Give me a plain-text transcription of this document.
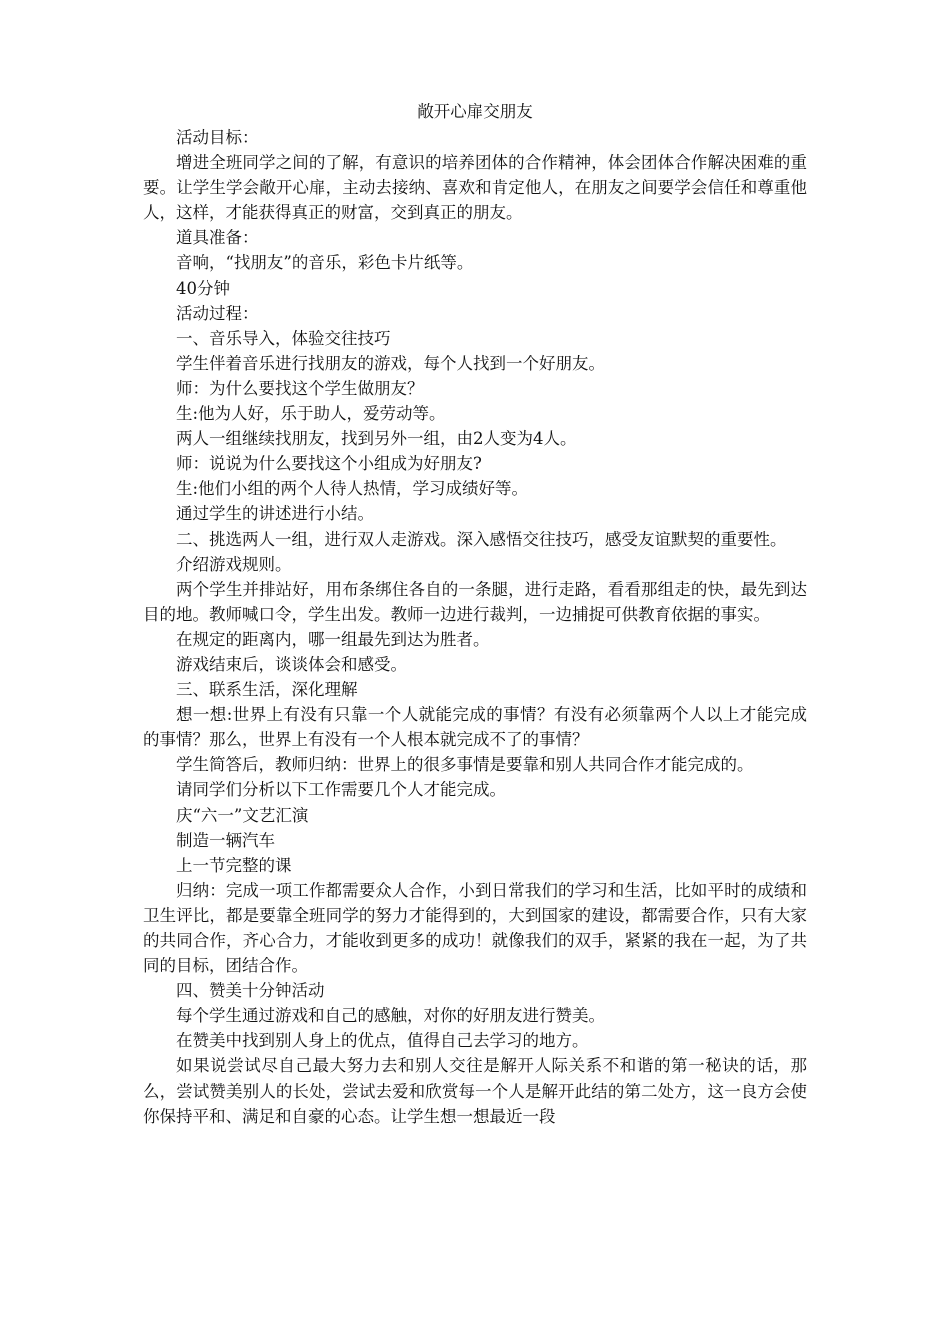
敞开心扉交朋友

活动目标：

增进全班同学之间的了解，有意识的培养团体的合作精神，体会团体合作解决困难的重要。让学生学会敞开心扉，主动去接纳、喜欢和肯定他人，在朋友之间要学会信任和尊重他人，这样，才能获得真正的财富，交到真正的朋友。

道具准备：

音响，“找朋友”的音乐，彩色卡片纸等。

40分钟

活动过程：

一、音乐导入，体验交往技巧

学生伴着音乐进行找朋友的游戏，每个人找到一个好朋友。

师：为什么要找这个学生做朋友？

生:他为人好，乐于助人，爱劳动等。

两人一组继续找朋友，找到另外一组，由2人变为4人。

师：说说为什么要找这个小组成为好朋友?

生:他们小组的两个人待人热情，学习成绩好等。

通过学生的讲述进行小结。

二、挑选两人一组，进行双人走游戏。深入感悟交往技巧，感受友谊默契的重要性。

介绍游戏规则。

两个学生并排站好，用布条绑住各自的一条腿，进行走路，看看那组走的快，最先到达目的地。教师喊口令，学生出发。教师一边进行裁判，一边捕捉可供教育依据的事实。

在规定的距离内，哪一组最先到达为胜者。

游戏结束后，谈谈体会和感受。

三、联系生活，深化理解

想一想:世界上有没有只靠一个人就能完成的事情？有没有必须靠两个人以上才能完成的事情？那么，世界上有没有一个人根本就完成不了的事情？

学生简答后，教师归纳：世界上的很多事情是要靠和别人共同合作才能完成的。

请同学们分析以下工作需要几个人才能完成。

庆“六一”文艺汇演

制造一辆汽车

上一节完整的课

归纳：完成一项工作都需要众人合作，小到日常我们的学习和生活，比如平时的成绩和卫生评比，都是要靠全班同学的努力才能得到的，大到国家的建设，都需要合作，只有大家的共同合作，齐心合力，才能收到更多的成功！就像我们的双手，紧紧的我在一起，为了共同的目标，团结合作。

四、赞美十分钟活动

每个学生通过游戏和自己的感触，对你的好朋友进行赞美。

在赞美中找到别人身上的优点，值得自己去学习的地方。

如果说尝试尽自己最大努力去和别人交往是解开人际关系不和谐的第一秘诀的话，那么，尝试赞美别人的长处，尝试去爱和欣赏每一个人是解开此结的第二处方，这一良方会使你保持平和、满足和自豪的心态。让学生想一想最近一段
